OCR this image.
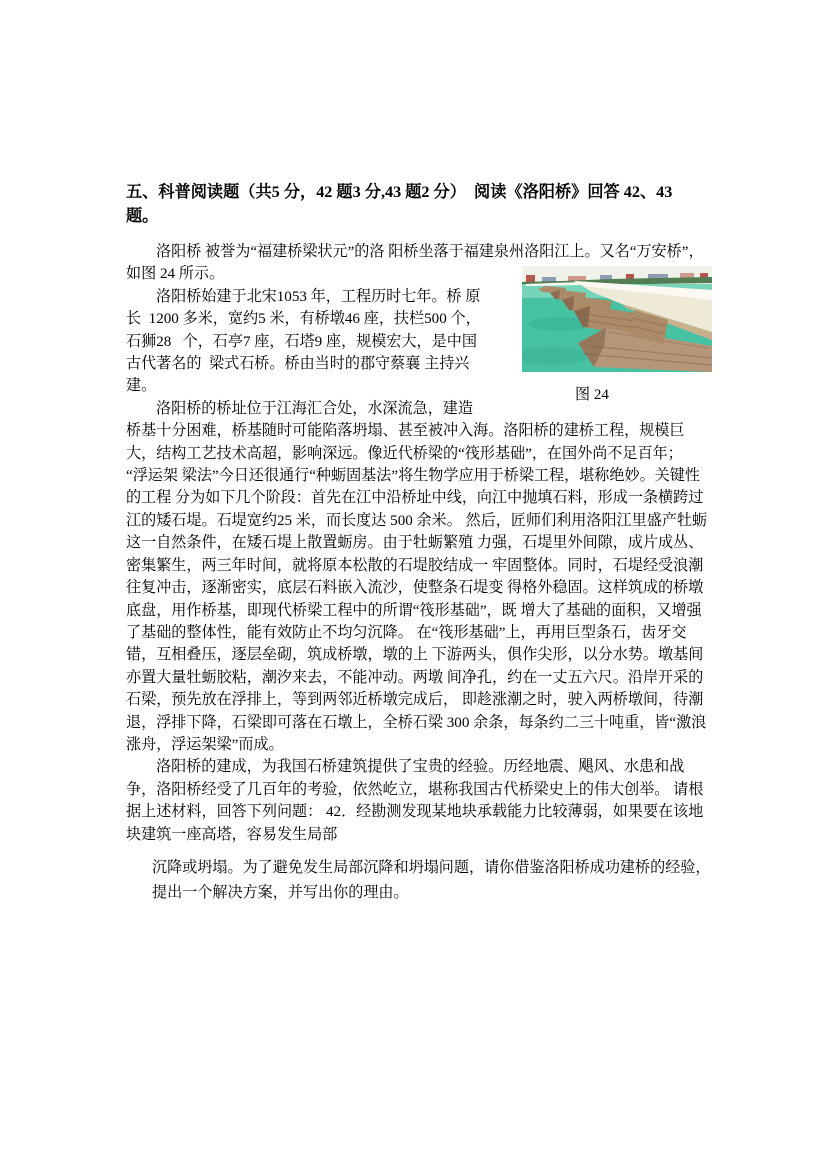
五、科普阅读题（共5 分，42 题3 分,43 题2 分）  阅读《洛阳桥》回答 42、43  题。

洛阳桥 被誉为“福建桥梁状元”的洛 阳桥坐落于福建泉州洛阳江上。又名“万安桥”， 如图 24 所示。

图 24

洛阳桥始建于北宋1053 年，工程历时七年。桥 原长  1200 多米，宽约5 米，有桥墩46 座，扶栏500 个，石狮28   个，石亭7 座，石塔9 座，规模宏大，是中国古代著名的  梁式石桥。桥由当时的郡守蔡襄 主持兴建。

洛阳桥的桥址位于江海汇合处，水深流急，建造桥基十分困难，桥基随时可能陷落坍塌、甚至被冲入海。洛阳桥的建桥工程，规模巨大，结构工艺技术高超，影响深远。像近代桥梁的“筏形基础”，在国外尚不足百年；  “浮运架 梁法”今日还很通行“种蛎固基法”将生物学应用于桥梁工程，堪称绝妙。关键性的工程 分为如下几个阶段：首先在江中沿桥址中线，向江中抛填石料，形成一条横跨过江的矮石堤。石堤宽约25 米，而长度达 500 余米。 然后，匠师们利用洛阳江里盛产牡蛎这一自然条件，在矮石堤上散置蛎房。由于牡蛎繁殖 力强，石堤里外间隙，成片成丛、密集繁生，两三年时间，就将原本松散的石堤胶结成一 牢固整体。同时，石堤经受浪潮往复冲击，逐渐密实，底层石料嵌入流沙，使整条石堤变 得格外稳固。这样筑成的桥墩底盘，用作桥基，即现代桥梁工程中的所谓“筏形基础”，既 增大了基础的面积，又增强了基础的整体性，能有效防止不均匀沉降。 在“筏形基础”上，再用巨型条石，齿牙交错，互相叠压，逐层垒砌，筑成桥墩，墩的上 下游两头，俱作尖形，以分水势。墩基间亦置大量牡蛎胶粘，潮汐来去，不能冲动。两墩 间净孔，约在一丈五六尺。沿岸开采的石梁，预先放在浮排上，等到两邻近桥墩完成后， 即趁涨潮之时，驶入两桥墩间，待潮退，浮排下降，石梁即可落在石墩上，全桥石梁 300 余条，每条约二三十吨重，皆“激浪涨舟，浮运架梁”而成。

洛阳桥的建成，为我国石桥建筑提供了宝贵的经验。历经地震、飓风、水患和战争，洛阳桥经受了几百年的考验，依然屹立，堪称我国古代桥梁史上的伟大创举。 请根据上述材料，回答下列问题： 42．经勘测发现某地块承载能力比较薄弱，如果要在该地块建筑一座高塔，容易发生局部

沉降或坍塌。为了避免发生局部沉降和坍塌问题，请你借鉴洛阳桥成功建桥的经验，提出一个解决方案，并写出你的理由。
